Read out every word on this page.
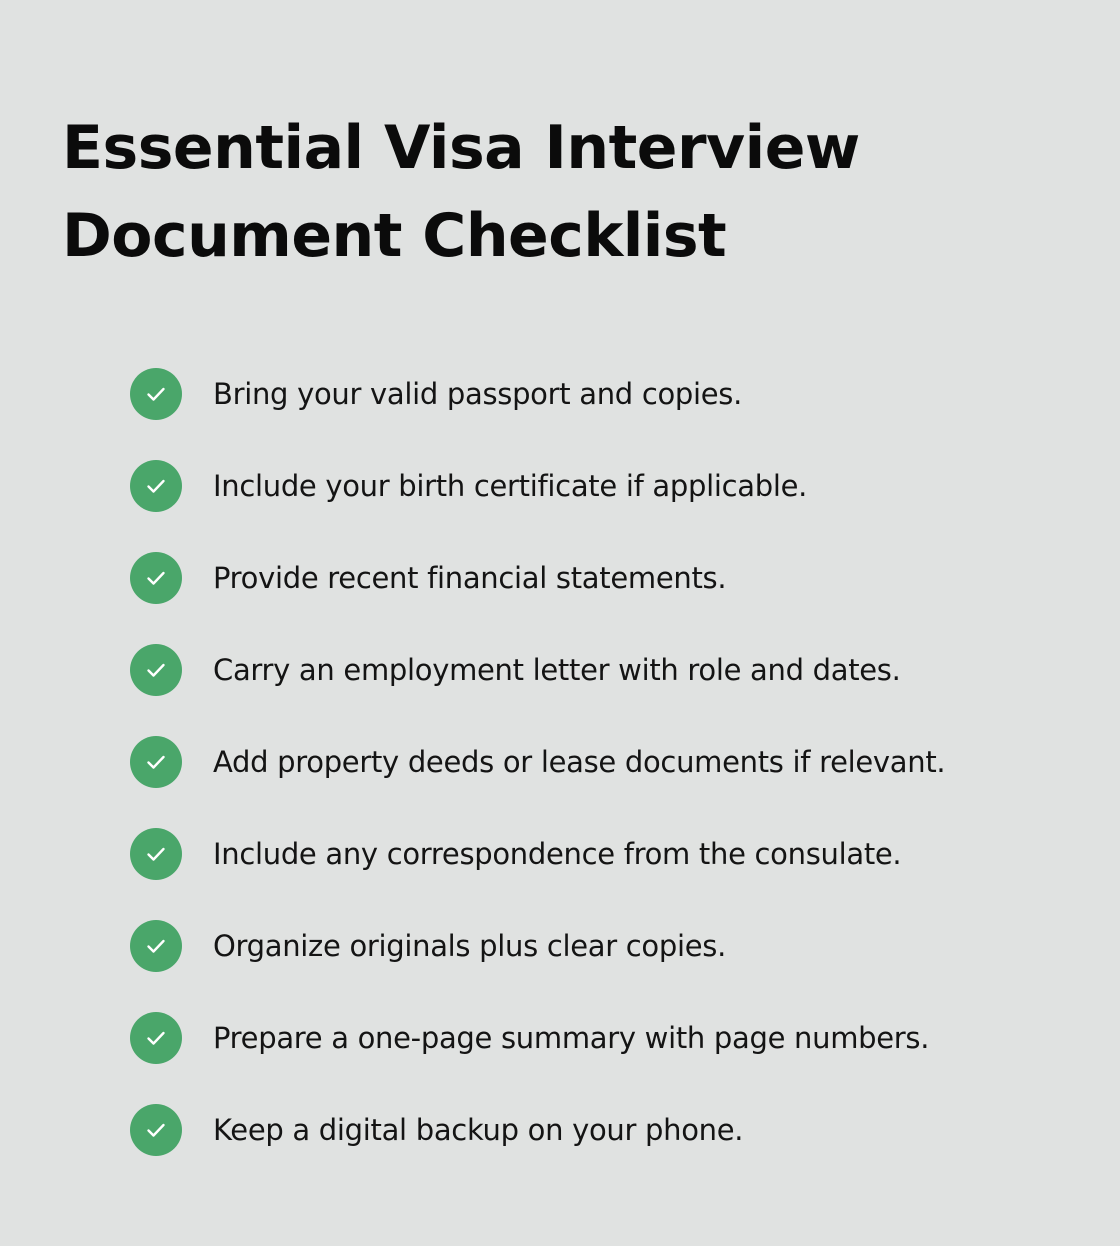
Essential Visa Interview
Document Checklist
Bring your valid passport and copies.
Include your birth certificate if applicable.
Provide recent financial statements.
Carry an employment letter with role and dates.
Add property deeds or lease documents if relevant.
Include any correspondence from the consulate.
Organize originals plus clear copies.
Prepare a one-page summary with page numbers.
Keep a digital backup on your phone.
